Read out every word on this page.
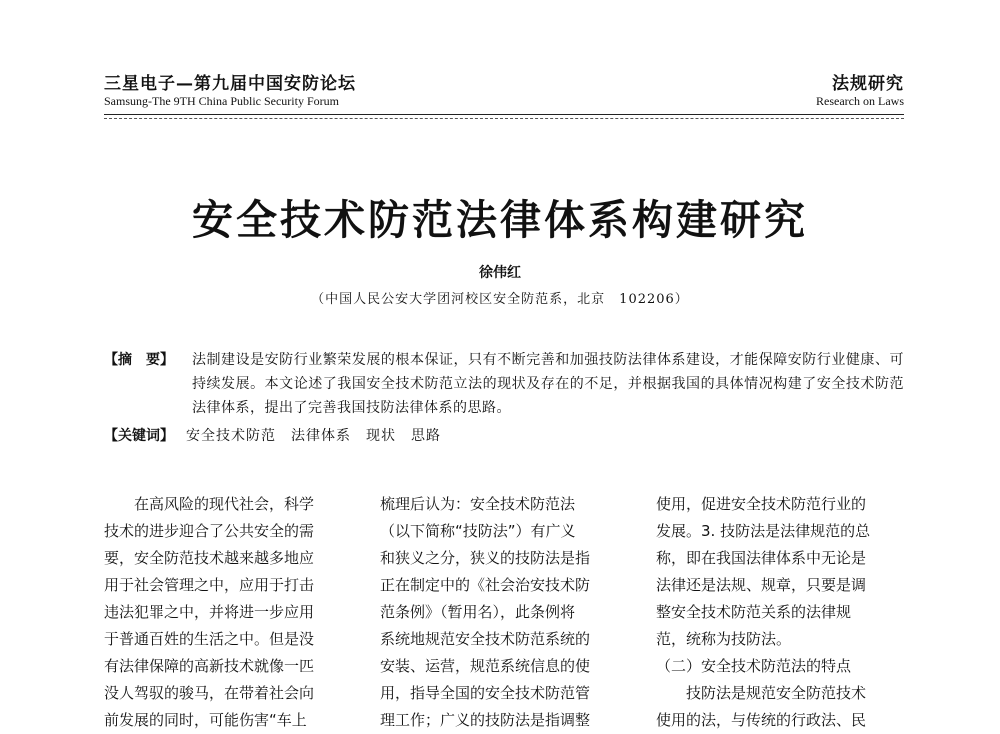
三星电子—第九届中国安防论坛
Samsung-The 9TH China Public Security Forum
法规研究
Research on Laws
安全技术防范法律体系构建研究
徐伟红
（中国人民公安大学团河校区安全防范系，北京　102206）
【摘　要】 法制建设是安防行业繁荣发展的根本保证，只有不断完善和加强技防法律体系建设，才能保障安防行业健康、可持续发展。本文论述了我国安全技术防范立法的现状及存在的不足，并根据我国的具体情况构建了安全技术防范法律体系，提出了完善我国技防法律体系的思路。
【关键词】 安全技术防范　法律体系　现状　思路
　　在高风险的现代社会，科学
技术的进步迎合了公共安全的需
要，安全防范技术越来越多地应
用于社会管理之中，应用于打击
违法犯罪之中，并将进一步应用
于普通百姓的生活之中。但是没
有法律保障的高新技术就像一匹
没人驾驭的骏马，在带着社会向
前发展的同时，可能伤害“车上
梳理后认为：安全技术防范法
（以下简称“技防法”）有广义
和狭义之分，狭义的技防法是指
正在制定中的《社会治安技术防
范条例》（暂用名），此条例将
系统地规范安全技术防范系统的
安装、运营，规范系统信息的使
用，指导全国的安全技术防范管
理工作；广义的技防法是指调整
使用，促进安全技术防范行业的
发展。3. 技防法是法律规范的总
称，即在我国法律体系中无论是
法律还是法规、规章，只要是调
整安全技术防范关系的法律规
范，统称为技防法。
（二）安全技术防范法的特点
　　技防法是规范安全防范技术
使用的法，与传统的行政法、民
